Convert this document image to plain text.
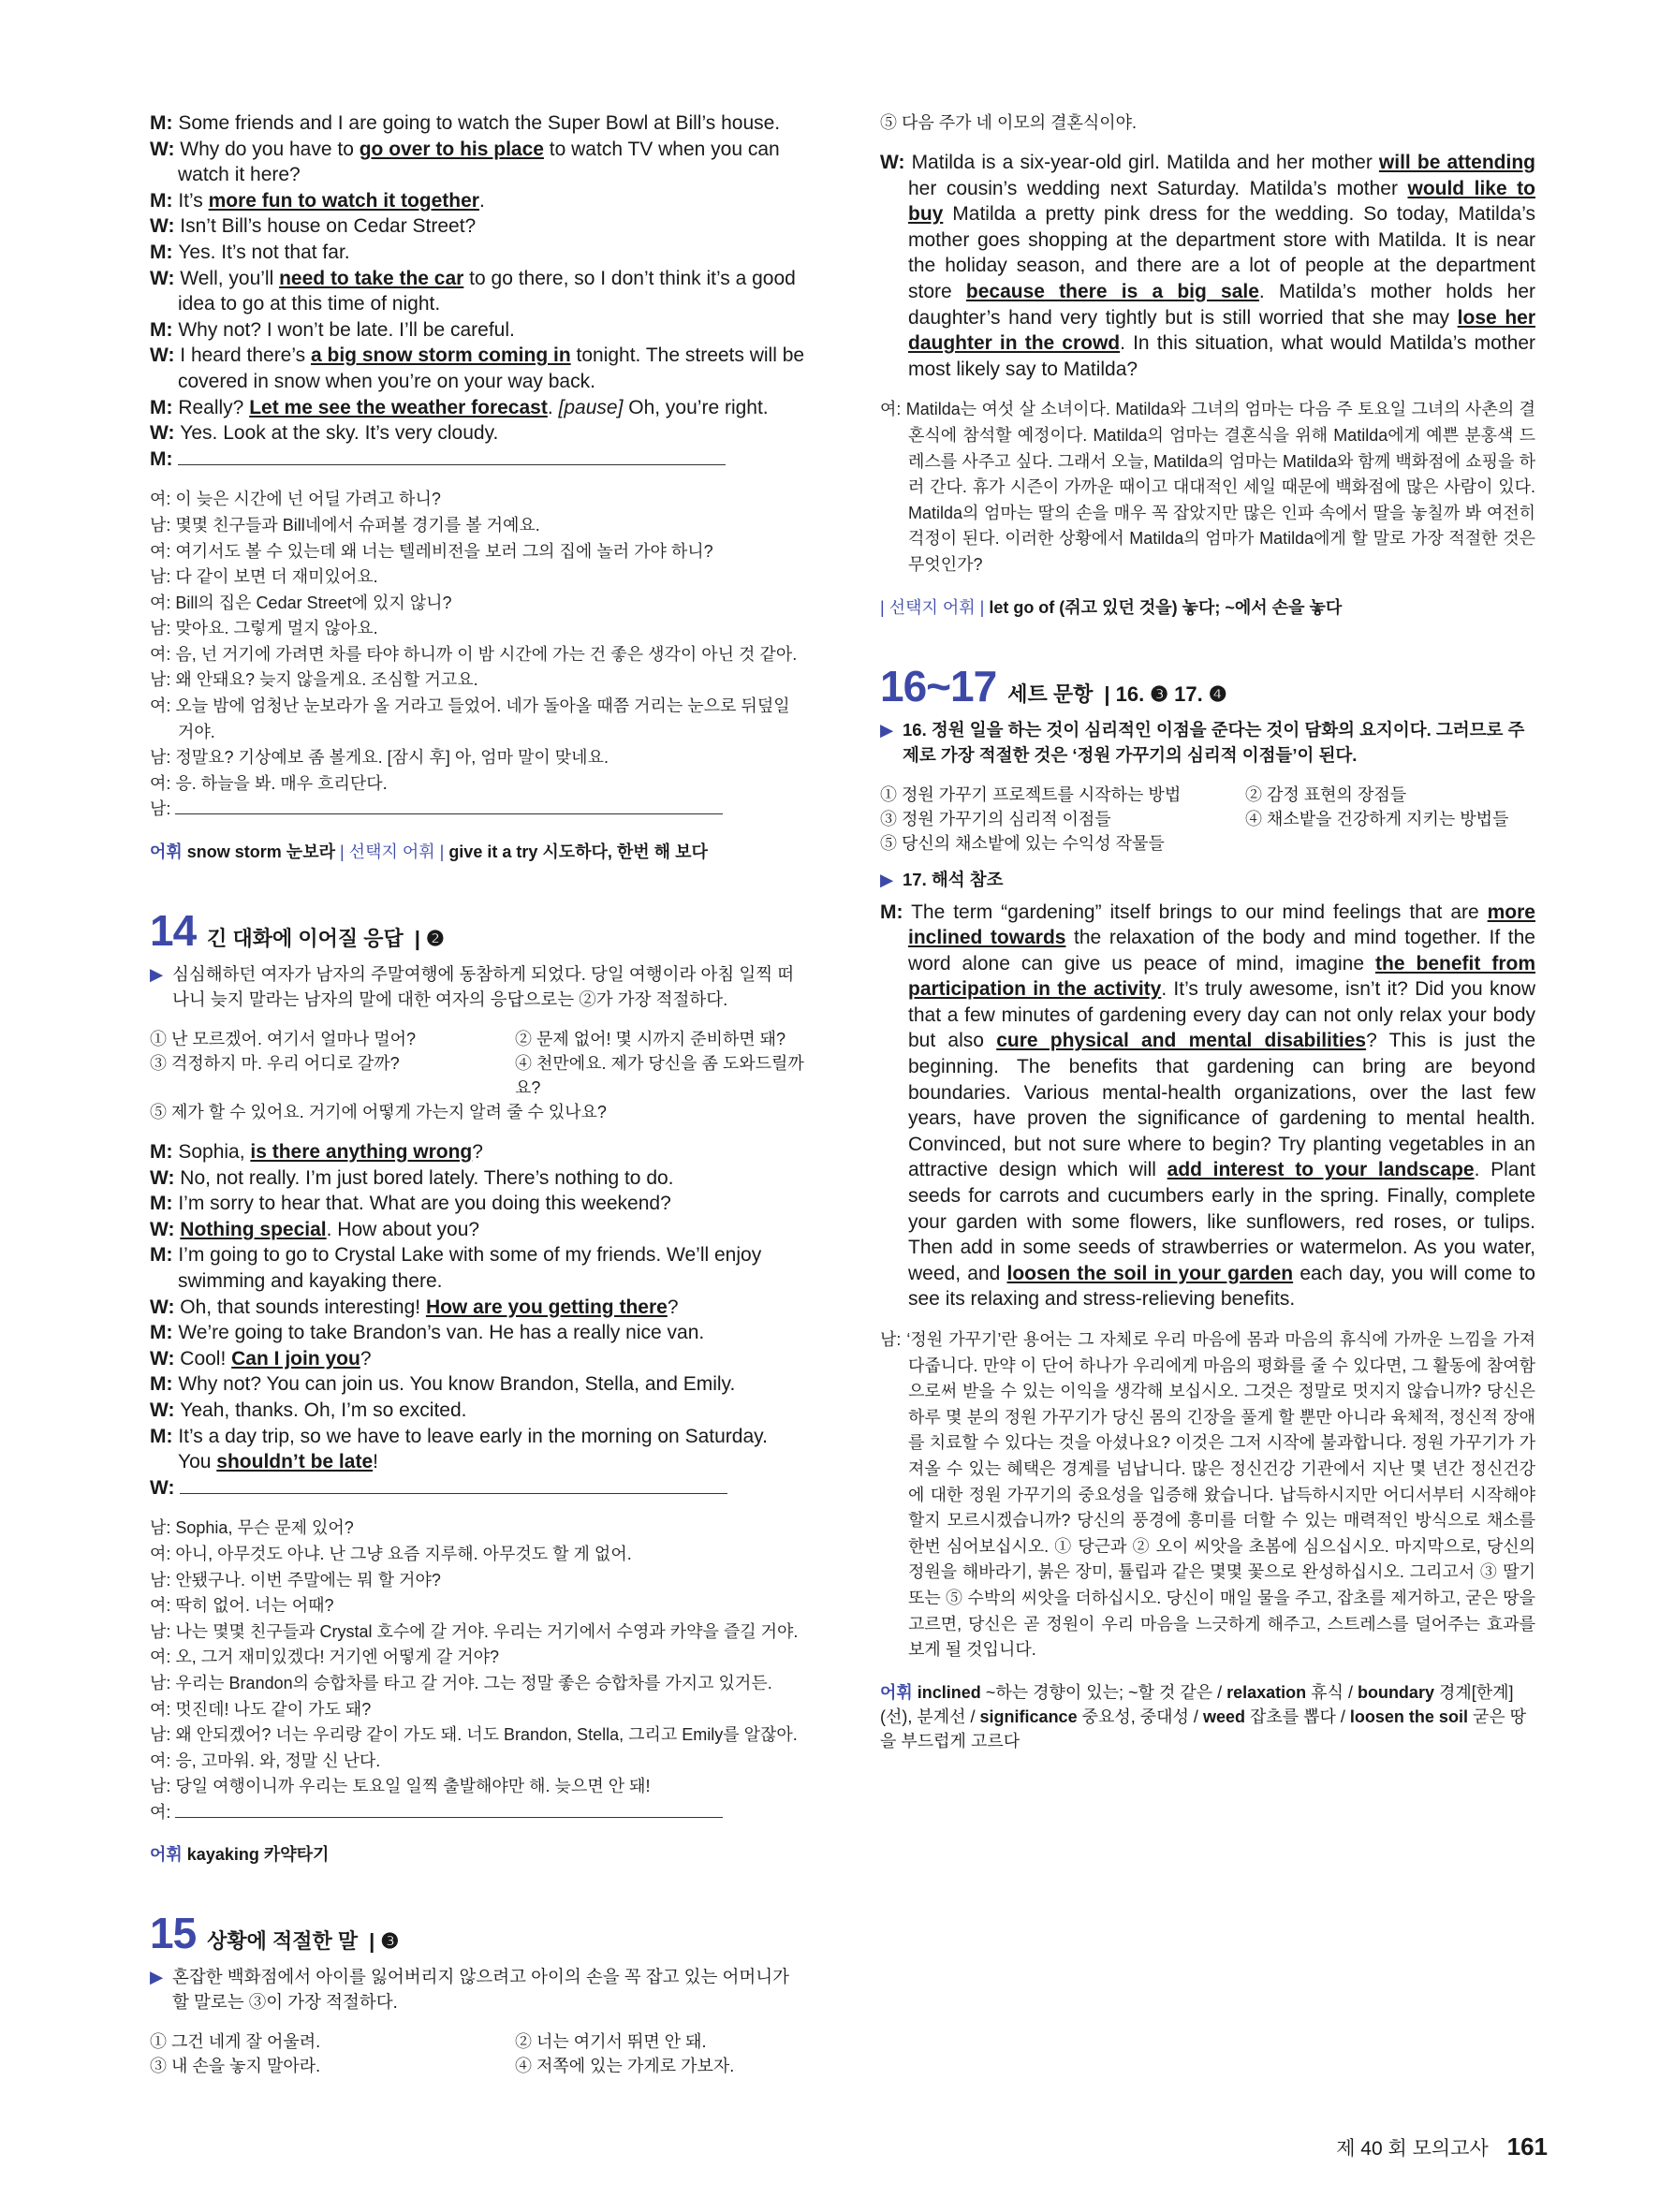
M: Some friends and I are going to watch the Super Bowl at Bill’s house.
W: Why do you have to go over to his place to watch TV when you can watch it here?
M: It’s more fun to watch it together.
W: Isn’t Bill’s house on Cedar Street?
M: Yes. It’s not that far.
W: Well, you’ll need to take the car to go there, so I don’t think it’s a good idea to go at this time of night.
M: Why not? I won’t be late. I’ll be careful.
W: I heard there’s a big snow storm coming in tonight. The streets will be covered in snow when you’re on your way back.
M: Really? Let me see the weather forecast. [pause] Oh, you’re right.
W: Yes. Look at the sky. It’s very cloudy.
M:
여: 이 늦은 시간에 넌 어딜 가려고 하니?
남: 몇몇 친구들과 Bill네에서 슈퍼볼 경기를 볼 거예요.
여: 여기서도 볼 수 있는데 왜 너는 텔레비전을 보러 그의 집에 놀러 가야 하니?
남: 다 같이 보면 더 재미있어요.
여: Bill의 집은 Cedar Street에 있지 않니?
남: 맞아요. 그렇게 멀지 않아요.
여: 음, 넌 거기에 가려면 차를 타야 하니까 이 밤 시간에 가는 건 좋은 생각이 아닌 것 같아.
남: 왜 안돼요? 늦지 않을게요. 조심할 거고요.
여: 오늘 밤에 엄청난 눈보라가 올 거라고 들었어. 네가 돌아올 때쯤 거리는 눈으로 뒤덮일 거야.
남: 정말요? 기상예보 좀 볼게요. [잠시 후] 아, 엄마 말이 맞네요.
여: 응. 하늘을 봐. 매우 흐리단다.
남:
어휘 snow storm 눈보라 | 선택지 어휘 | give it a try 시도하다, 한번 해 보다
14 긴 대화에 이어질 응답 | ❷
▶ 심심해하던 여자가 남자의 주말여행에 동참하게 되었다. 당일 여행이라 아침 일찍 떠나니 늦지 말라는 남자의 말에 대한 여자의 응답으로는 ②가 가장 적절하다.
① 난 모르겠어. 여기서 얼마나 멀어?	② 문제 없어! 몇 시까지 준비하면 돼?
③ 걱정하지 마. 우리 어디로 갈까?	④ 천만에요. 제가 당신을 좀 도와드릴까요?
⑤ 제가 할 수 있어요. 거기에 어떻게 가는지 알려 줄 수 있나요?
M: Sophia, is there anything wrong?
W: No, not really. I’m just bored lately. There’s nothing to do.
M: I’m sorry to hear that. What are you doing this weekend?
W: Nothing special. How about you?
M: I’m going to go to Crystal Lake with some of my friends. We’ll enjoy swimming and kayaking there.
W: Oh, that sounds interesting! How are you getting there?
M: We’re going to take Brandon’s van. He has a really nice van.
W: Cool! Can I join you?
M: Why not? You can join us. You know Brandon, Stella, and Emily.
W: Yeah, thanks. Oh, I’m so excited.
M: It’s a day trip, so we have to leave early in the morning on Saturday. You shouldn’t be late!
W:
남: Sophia, 무슨 문제 있어?
여: 아니, 아무것도 아냐. 난 그냥 요즘 지루해. 아무것도 할 게 없어.
남: 안됐구나. 이번 주말에는 뭐 할 거야?
여: 딱히 없어. 너는 어때?
남: 나는 몇몇 친구들과 Crystal 호수에 갈 거야. 우리는 거기에서 수영과 카약을 즐길 거야.
여: 오, 그거 재미있겠다! 거기엔 어떻게 갈 거야?
남: 우리는 Brandon의 승합차를 타고 갈 거야. 그는 정말 좋은 승합차를 가지고 있거든.
여: 멋진데! 나도 같이 가도 돼?
남: 왜 안되겠어? 너는 우리랑 같이 가도 돼. 너도 Brandon, Stella, 그리고 Emily를 알잖아.
여: 응, 고마워. 와, 정말 신 난다.
남: 당일 여행이니까 우리는 토요일 일찍 출발해야만 해. 늦으면 안 돼!
여:
어휘 kayaking 카약타기
15 상황에 적절한 말 | ❸
▶ 혼잡한 백화점에서 아이를 잃어버리지 않으려고 아이의 손을 꼭 잡고 있는 어머니가 할 말로는 ③이 가장 적절하다.
① 그건 네게 잘 어울려.	② 너는 여기서 뛰면 안 돼.
③ 내 손을 놓지 말아라.	④ 저쪽에 있는 가게로 가보자.
⑤ 다음 주가 네 이모의 결혼식이야.
W: Matilda is a six-year-old girl. Matilda and her mother will be attending her cousin’s wedding next Saturday. Matilda’s mother would like to buy Matilda a pretty pink dress for the wedding. So today, Matilda’s mother goes shopping at the department store with Matilda. It is near the holiday season, and there are a lot of people at the department store because there is a big sale. Matilda’s mother holds her daughter’s hand very tightly but is still worried that she may lose her daughter in the crowd. In this situation, what would Matilda’s mother most likely say to Matilda?
여: Matilda는 여섯 살 소녀이다. Matilda와 그녀의 엄마는 다음 주 토요일 그녀의 사촌의 결혼식에 참석할 예정이다. Matilda의 엄마는 결혼식을 위해 Matilda에게 예쁜 분홍색 드레스를 사주고 싶다. 그래서 오늘, Matilda의 엄마는 Matilda와 함께 백화점에 쇼핑을 하러 간다. 휴가 시즌이 가까운 때이고 대대적인 세일 때문에 백화점에 많은 사람이 있다. Matilda의 엄마는 딸의 손을 매우 꼭 잡았지만 많은 인파 속에서 딸을 놓칠까 봐 여전히 걱정이 된다. 이러한 상황에서 Matilda의 엄마가 Matilda에게 할 말로 가장 적절한 것은 무엇인가?
| 선택지 어휘 | let go of (쥐고 있던 것을) 놓다; ~에서 손을 놓다
16~17 세트 문항 | 16. ❸ 17. ❹
▶ 16. 정원 일을 하는 것이 심리적인 이점을 준다는 것이 담화의 요지이다. 그러므로 주제로 가장 적절한 것은 ‘정원 가꾸기의 심리적 이점들’이 된다.
① 정원 가꾸기 프로젝트를 시작하는 방법	② 감정 표현의 장점들
③ 정원 가꾸기의 심리적 이점들	④ 채소밭을 건강하게 지키는 방법들
⑤ 당신의 채소밭에 있는 수익성 작물들
▶ 17. 해석 참조
M: The term “gardening” itself brings to our mind feelings that are more inclined towards the relaxation of the body and mind together. If the word alone can give us peace of mind, imagine the benefit from participation in the activity. It’s truly awesome, isn’t it? Did you know that a few minutes of gardening every day can not only relax your body but also cure physical and mental disabilities? This is just the beginning. The benefits that gardening can bring are beyond boundaries. Various mental-health organizations, over the last few years, have proven the significance of gardening to mental health. Convinced, but not sure where to begin? Try planting vegetables in an attractive design which will add interest to your landscape. Plant seeds for carrots and cucumbers early in the spring. Finally, complete your garden with some flowers, like sunflowers, red roses, or tulips. Then add in some seeds of strawberries or watermelon. As you water, weed, and loosen the soil in your garden each day, you will come to see its relaxing and stress-relieving benefits.
남: ‘정원 가꾸기’란 용어는 그 자체로 우리 마음에 몸과 마음의 휴식에 가까운 느낌을 가져다줍니다. 만약 이 단어 하나가 우리에게 마음의 평화를 줄 수 있다면, 그 활동에 참여함으로써 받을 수 있는 이익을 생각해 보십시오. 그것은 정말로 멋지지 않습니까? 당신은 하루 몇 분의 정원 가꾸기가 당신 몸의 긴장을 풀게 할 뿐만 아니라 육체적, 정신적 장애를 치료할 수 있다는 것을 아셨나요? 이것은 그저 시작에 불과합니다. 정원 가꾸기가 가져올 수 있는 혜택은 경계를 넘납니다. 많은 정신건강 기관에서 지난 몇 년간 정신건강에 대한 정원 가꾸기의 중요성을 입증해 왔습니다. 납득하시지만 어디서부터 시작해야 할지 모르시겠습니까? 당신의 풍경에 흥미를 더할 수 있는 매력적인 방식으로 채소를 한번 심어보십시오. ① 당근과 ② 오이 씨앗을 초봄에 심으십시오. 마지막으로, 당신의 정원을 해바라기, 붉은 장미, 튤립과 같은 몇몇 꽃으로 완성하십시오. 그리고서 ③ 딸기 또는 ⑤ 수박의 씨앗을 더하십시오. 당신이 매일 물을 주고, 잡초를 제거하고, 굳은 땅을 고르면, 당신은 곧 정원이 우리 마음을 느긋하게 해주고, 스트레스를 덜어주는 효과를 보게 될 것입니다.
어휘 inclined ~하는 경향이 있는; ~할 것 같은 / relaxation 휴식 / boundary 경계[한계](선), 분계선 / significance 중요성, 중대성 / weed 잡초를 뽑다 / loosen the soil 굳은 땅을 부드럽게 고르다
제 40 회 모의고사 161
